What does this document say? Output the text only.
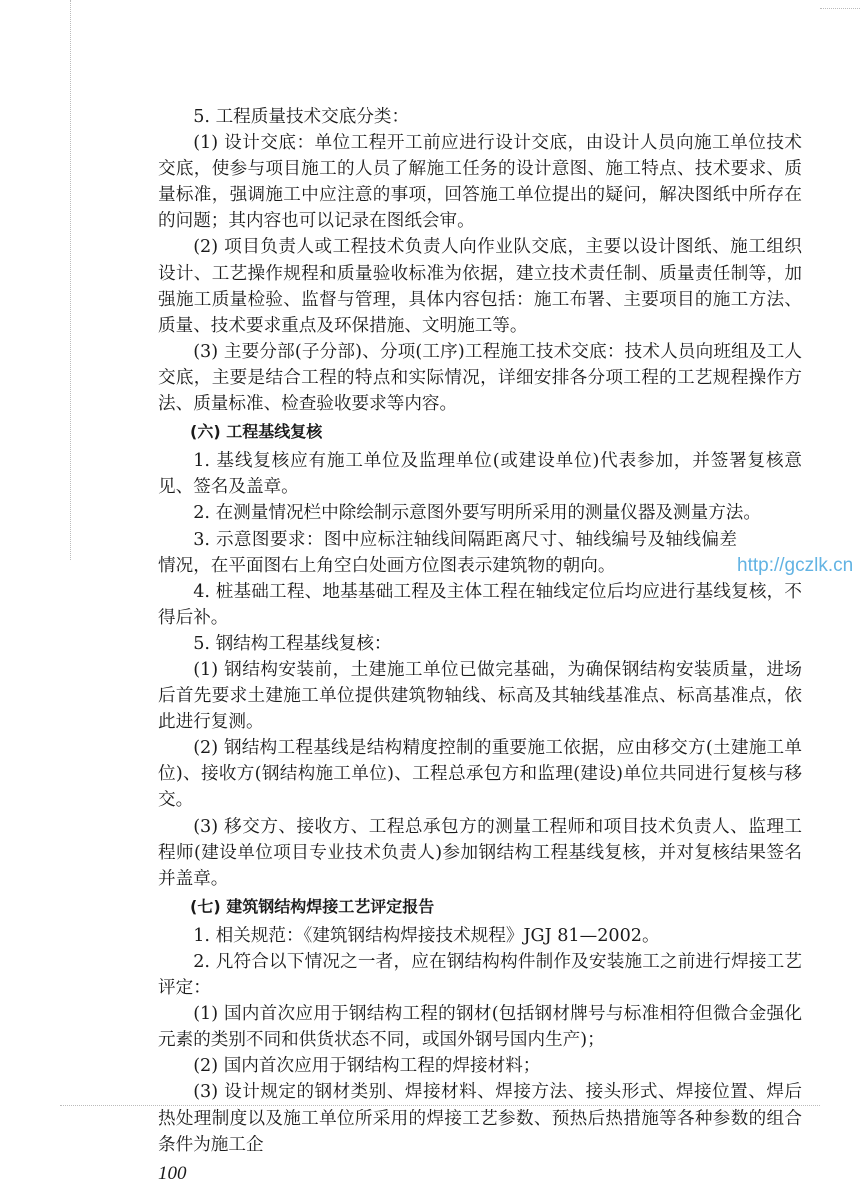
5. 工程质量技术交底分类：

(1) 设计交底：单位工程开工前应进行设计交底，由设计人员向施工单位技术交底，使参与项目施工的人员了解施工任务的设计意图、施工特点、技术要求、质量标准，强调施工中应注意的事项，回答施工单位提出的疑问，解决图纸中所存在的问题；其内容也可以记录在图纸会审。

(2) 项目负责人或工程技术负责人向作业队交底，主要以设计图纸、施工组织设计、工艺操作规程和质量验收标准为依据，建立技术责任制、质量责任制等，加强施工质量检验、监督与管理，具体内容包括：施工布署、主要项目的施工方法、质量、技术要求重点及环保措施、文明施工等。

(3) 主要分部(子分部)、分项(工序)工程施工技术交底：技术人员向班组及工人交底，主要是结合工程的特点和实际情况，详细安排各分项工程的工艺规程操作方法、质量标准、检查验收要求等内容。

(六) 工程基线复核

1. 基线复核应有施工单位及监理单位(或建设单位)代表参加，并签署复核意见、签名及盖章。

2. 在测量情况栏中除绘制示意图外要写明所采用的测量仪器及测量方法。

http://gczlk.cn
3. 示意图要求：图中应标注轴线间隔距离尺寸、轴线编号及轴线偏差情况，在平面图右上角空白处画方位图表示建筑物的朝向。

4. 桩基础工程、地基基础工程及主体工程在轴线定位后均应进行基线复核，不得后补。

5. 钢结构工程基线复核：

(1) 钢结构安装前，土建施工单位已做完基础，为确保钢结构安装质量，进场后首先要求土建施工单位提供建筑物轴线、标高及其轴线基准点、标高基准点，依此进行复测。

(2) 钢结构工程基线是结构精度控制的重要施工依据，应由移交方(土建施工单位)、接收方(钢结构施工单位)、工程总承包方和监理(建设)单位共同进行复核与移交。

(3) 移交方、接收方、工程总承包方的测量工程师和项目技术负责人、监理工程师(建设单位项目专业技术负责人)参加钢结构工程基线复核，并对复核结果签名并盖章。

(七) 建筑钢结构焊接工艺评定报告

1. 相关规范：《建筑钢结构焊接技术规程》JGJ 81—2002。

2. 凡符合以下情况之一者，应在钢结构构件制作及安装施工之前进行焊接工艺评定：

(1) 国内首次应用于钢结构工程的钢材(包括钢材牌号与标准相符但微合金强化元素的类别不同和供货状态不同，或国外钢号国内生产)；

(2) 国内首次应用于钢结构工程的焊接材料；

(3) 设计规定的钢材类别、焊接材料、焊接方法、接头形式、焊接位置、焊后热处理制度以及施工单位所采用的焊接工艺参数、预热后热措施等各种参数的组合条件为施工企

100
